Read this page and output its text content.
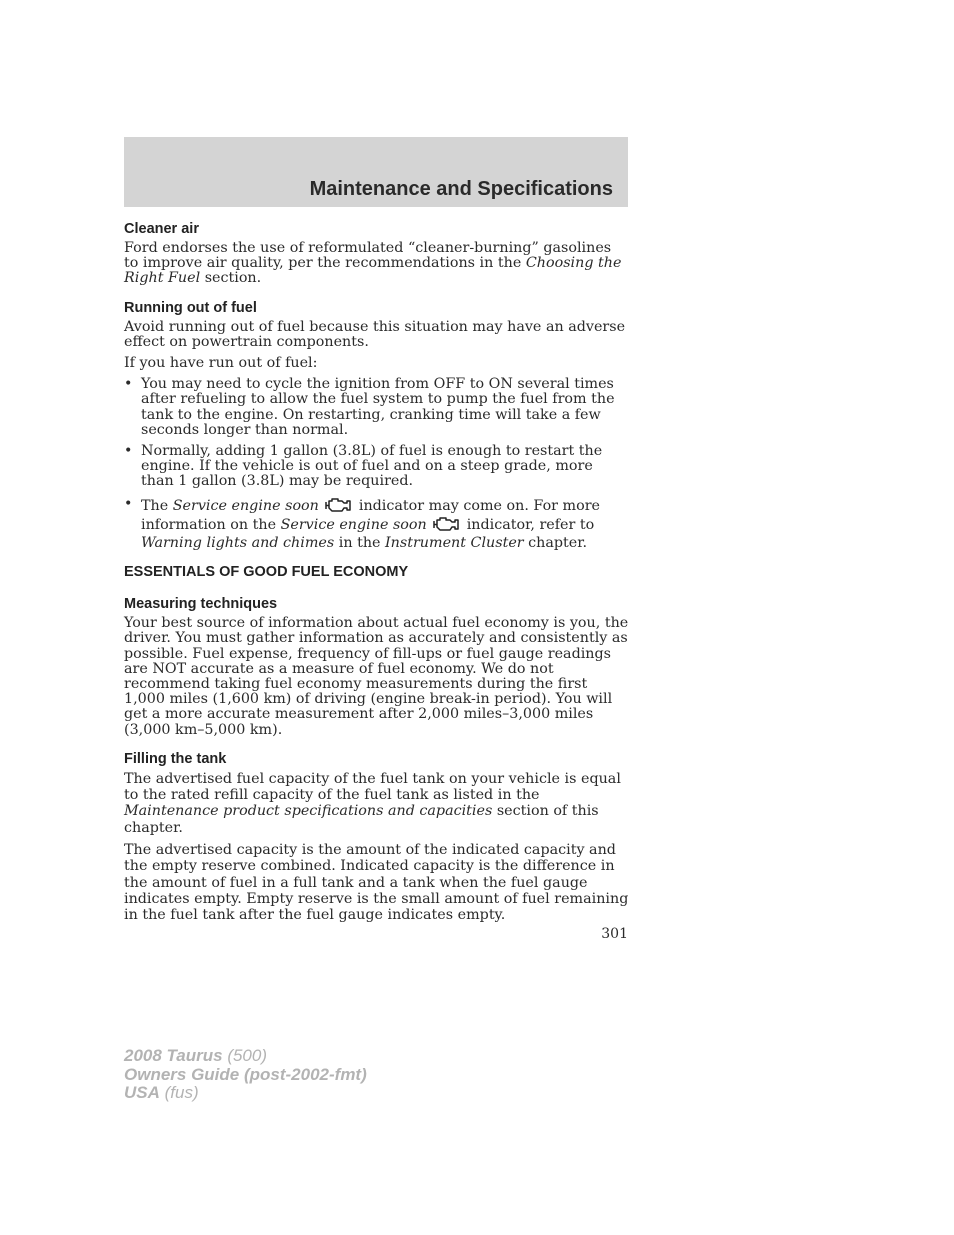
Maintenance and Specifications
Cleaner air

Ford endorses the use of reformulated “cleaner-burning” gasolines to improve air quality, per the recommendations in the Choosing the Right Fuel section.

Running out of fuel

Avoid running out of fuel because this situation may have an adverse effect on powertrain components.

If you have run out of fuel:

• You may need to cycle the ignition from OFF to ON several times after refueling to allow the fuel system to pump the fuel from the tank to the engine. On restarting, cranking time will take a few seconds longer than normal.
• Normally, adding 1 gallon (3.8L) of fuel is enough to restart the engine. If the vehicle is out of fuel and on a steep grade, more than 1 gallon (3.8L) may be required.
• The Service engine soon	indicator may come on. For more information on the Service engine soon	indicator, refer to Warning lights and chimes in the Instrument Cluster chapter.
ESSENTIALS OF GOOD FUEL ECONOMY
Measuring techniques

Your best source of information about actual fuel economy is you, the driver. You must gather information as accurately and consistently as possible. Fuel expense, frequency of fill-ups or fuel gauge readings are NOT accurate as a measure of fuel economy. We do not recommend taking fuel economy measurements during the first 1,000 miles (1,600 km) of driving (engine break-in period). You will get a more accurate measurement after 2,000 miles–3,000 miles (3,000 km–5,000 km).

Filling the tank

The advertised fuel capacity of the fuel tank on your vehicle is equal to the rated refill capacity of the fuel tank as listed in the Maintenance product specifications and capacities section of this chapter.

The advertised capacity is the amount of the indicated capacity and the empty reserve combined. Indicated capacity is the difference in the amount of fuel in a full tank and a tank when the fuel gauge indicates empty. Empty reserve is the small amount of fuel remaining in the fuel tank after the fuel gauge indicates empty.

301
2008 Taurus (500)
Owners Guide (post-2002-fmt)
USA (fus)
